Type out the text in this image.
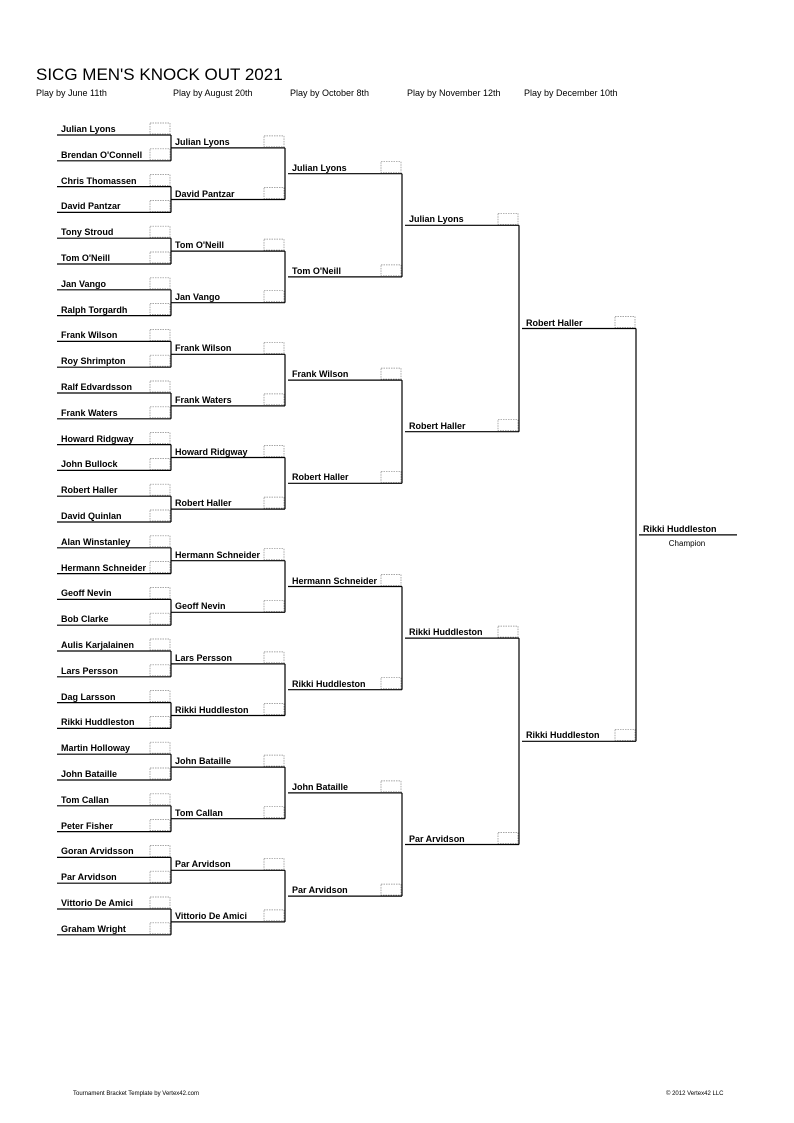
SICG MEN'S KNOCK OUT 2021
Play by June 11th	Play by August 20th	Play by October 8th	Play by November 12th	Play by December 10th
Julian Lyons
Brendan O'Connell
Chris Thomassen
David Pantzar
Tony Stroud
Tom O'Neill
Jan Vango
Ralph Torgardh
Frank Wilson
Roy Shrimpton
Ralf Edvardsson
Frank Waters
Howard Ridgway
John Bullock
Robert Haller
David Quinlan
Alan Winstanley
Hermann Schneider
Geoff Nevin
Bob Clarke
Aulis Karjalainen
Lars Persson
Dag Larsson
Rikki Huddleston
Martin Holloway
John Bataille
Tom Callan
Peter Fisher
Goran Arvidsson
Par Arvidson
Vittorio De Amici
Graham Wright
Julian Lyons
David Pantzar
Tom O'Neill
Jan Vango
Frank Wilson
Frank Waters
Howard Ridgway
Robert Haller
Hermann Schneider
Geoff Nevin
Lars Persson
Rikki Huddleston
John Bataille
Tom Callan
Par Arvidson
Vittorio De Amici
Julian Lyons
Tom O'Neill
Frank Wilson
Robert Haller
Hermann Schneider
Rikki Huddleston
John Bataille
Par Arvidson
Julian Lyons
Robert Haller
Rikki Huddleston
Par Arvidson
Robert Haller
Rikki Huddleston
Rikki Huddleston
Champion
Tournament Bracket Template by Vertex42.com	© 2012 Vertex42 LLC
